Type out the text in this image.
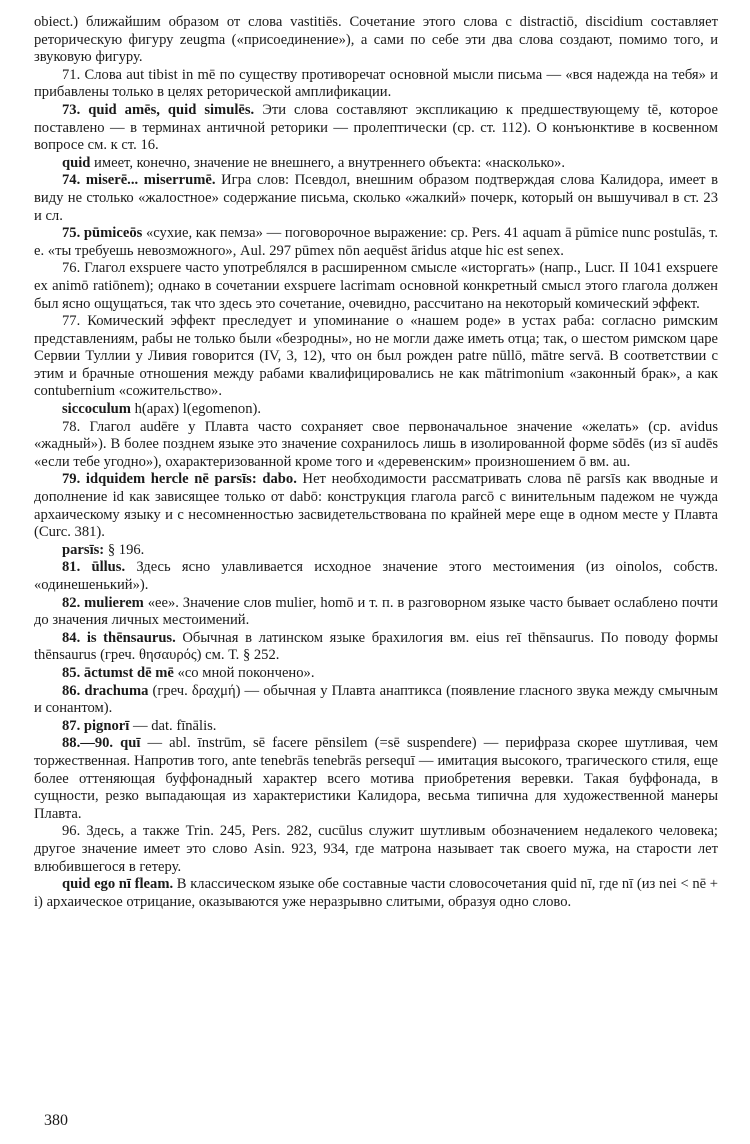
obiect.) ближайшим образом от слова vastitiēs. Сочетание этого слова с distractiō, discidium составляет реторическую фигуру zeugma («присоединение»), а сами по себе эти два слова создают, помимо того, и звуковую фигуру.

71. Слова aut tibist in mē по существу противоречат основной мысли письма — «вся надежда на тебя» и прибавлены только в целях реторической амплификации.

73. quid amēs, quid simulēs. Эти слова составляют экспликацию к предшествующему tē, которое поставлено — в терминах античной реторики — пролептически (ср. ст. 112). О конъюнктиве в косвенном вопросе см. к ст. 16.

quid имеет, конечно, значение не внешнего, а внутреннего объекта: «насколько».

74. miserē... miserrumē. Игра слов: Псевдол, внешним образом подтверждая слова Калидора, имеет в виду не столько «жалостное» содержание письма, сколько «жалкий» почерк, который он вышучивал в ст. 23 и сл.

75. pūmiceōs «сухие, как пемза» — поговорочное выражение: ср. Pers. 41 aquam ā pūmice nunc postulās, т. е. «ты требуешь невозможного», Aul. 297 pūmex nōn aequēst āridus atque hic est senex.

76. Глагол exspuere часто употреблялся в расширенном смысле «исторгать» (напр., Lucr. II 1041 exspuere ex animō ratiōnem); однако в сочетании exspuere lacrimam основной конкретный смысл этого глагола должен был ясно ощущаться, так что здесь это сочетание, очевидно, рассчитано на некоторый комический эффект.

77. Комический эффект преследует и упоминание о «нашем роде» в устах раба: согласно римским представлениям, рабы не только были «безродны», но не могли даже иметь отца; так, о шестом римском царе Сервии Туллии у Ливия говорится (IV, 3, 12), что он был рожден patre nūllō, mātre servā. В соответствии с этим и брачные отношения между рабами квалифицировались не как mātrimonium «законный брак», а как contubernium «сожительство».

siccoculum h(apax) l(egomenon).

78. Глагол audēre у Плавта часто сохраняет свое первоначальное значение «желать» (ср. avidus «жадный»). В более позднем языке это значение сохранилось лишь в изолированной форме sōdēs (из sī audēs «если тебе угодно»), охарактеризованной кроме того и «деревенским» произношением ō вм. au.

79. idquidem hercle nē parsīs: dabo. Нет необходимости рассматривать слова nē parsīs как вводные и дополнение id как зависящее только от dabō: конструкция глагола parcō с винительным падежом не чужда архаическому языку и с несомненностью засвидетельствована по крайней мере еще в одном месте у Плавта (Curc. 381).

parsīs: § 196.

81. ūllus. Здесь ясно улавливается исходное значение этого местоимения (из oinolos, собств. «одинешенький»).

82. mulierem «ее». Значение слов mulier, homō и т. п. в разговорном языке часто бывает ослаблено почти до значения личных местоимений.

84. is thēnsaurus. Обычная в латинском языке брахилогия вм. eius reī thēnsaurus. По поводу формы thēnsaurus (греч. θησαυρός) см. Т. § 252.

85. āctumst dē mē «со мной покончено».

86. drachuma (греч. δραχμή) — обычная у Плавта анаптикса (появление гласного звука между смычным и сонантом).

87. pignorī — dat. fīnālis.

88.—90. quī — abl. īnstrūm, sē facere pēnsilem (=sē suspendere) — перифраза скорее шутливая, чем торжественная. Напротив того, ante tenebrās tenebrās persequī — имитация высокого, трагического стиля, еще более оттеняющая буффонадный характер всего мотива приобретения веревки. Такая буффонада, в сущности, резко выпадающая из характеристики Калидора, весьма типична для художественной манеры Плавта.

96. Здесь, а также Trin. 245, Pers. 282, cucūlus служит шутливым обозначением недалекого человека; другое значение имеет это слово Asin. 923, 934, где матрона называет так своего мужа, на старости лет влюбившегося в гетеру.

quid ego nī fleam. В классическом языке обе составные части словосочетания quid nī, где nī (из nei < nē + i) архаическое отрицание, оказываются уже неразрывно слитыми, образуя одно слово.

380
